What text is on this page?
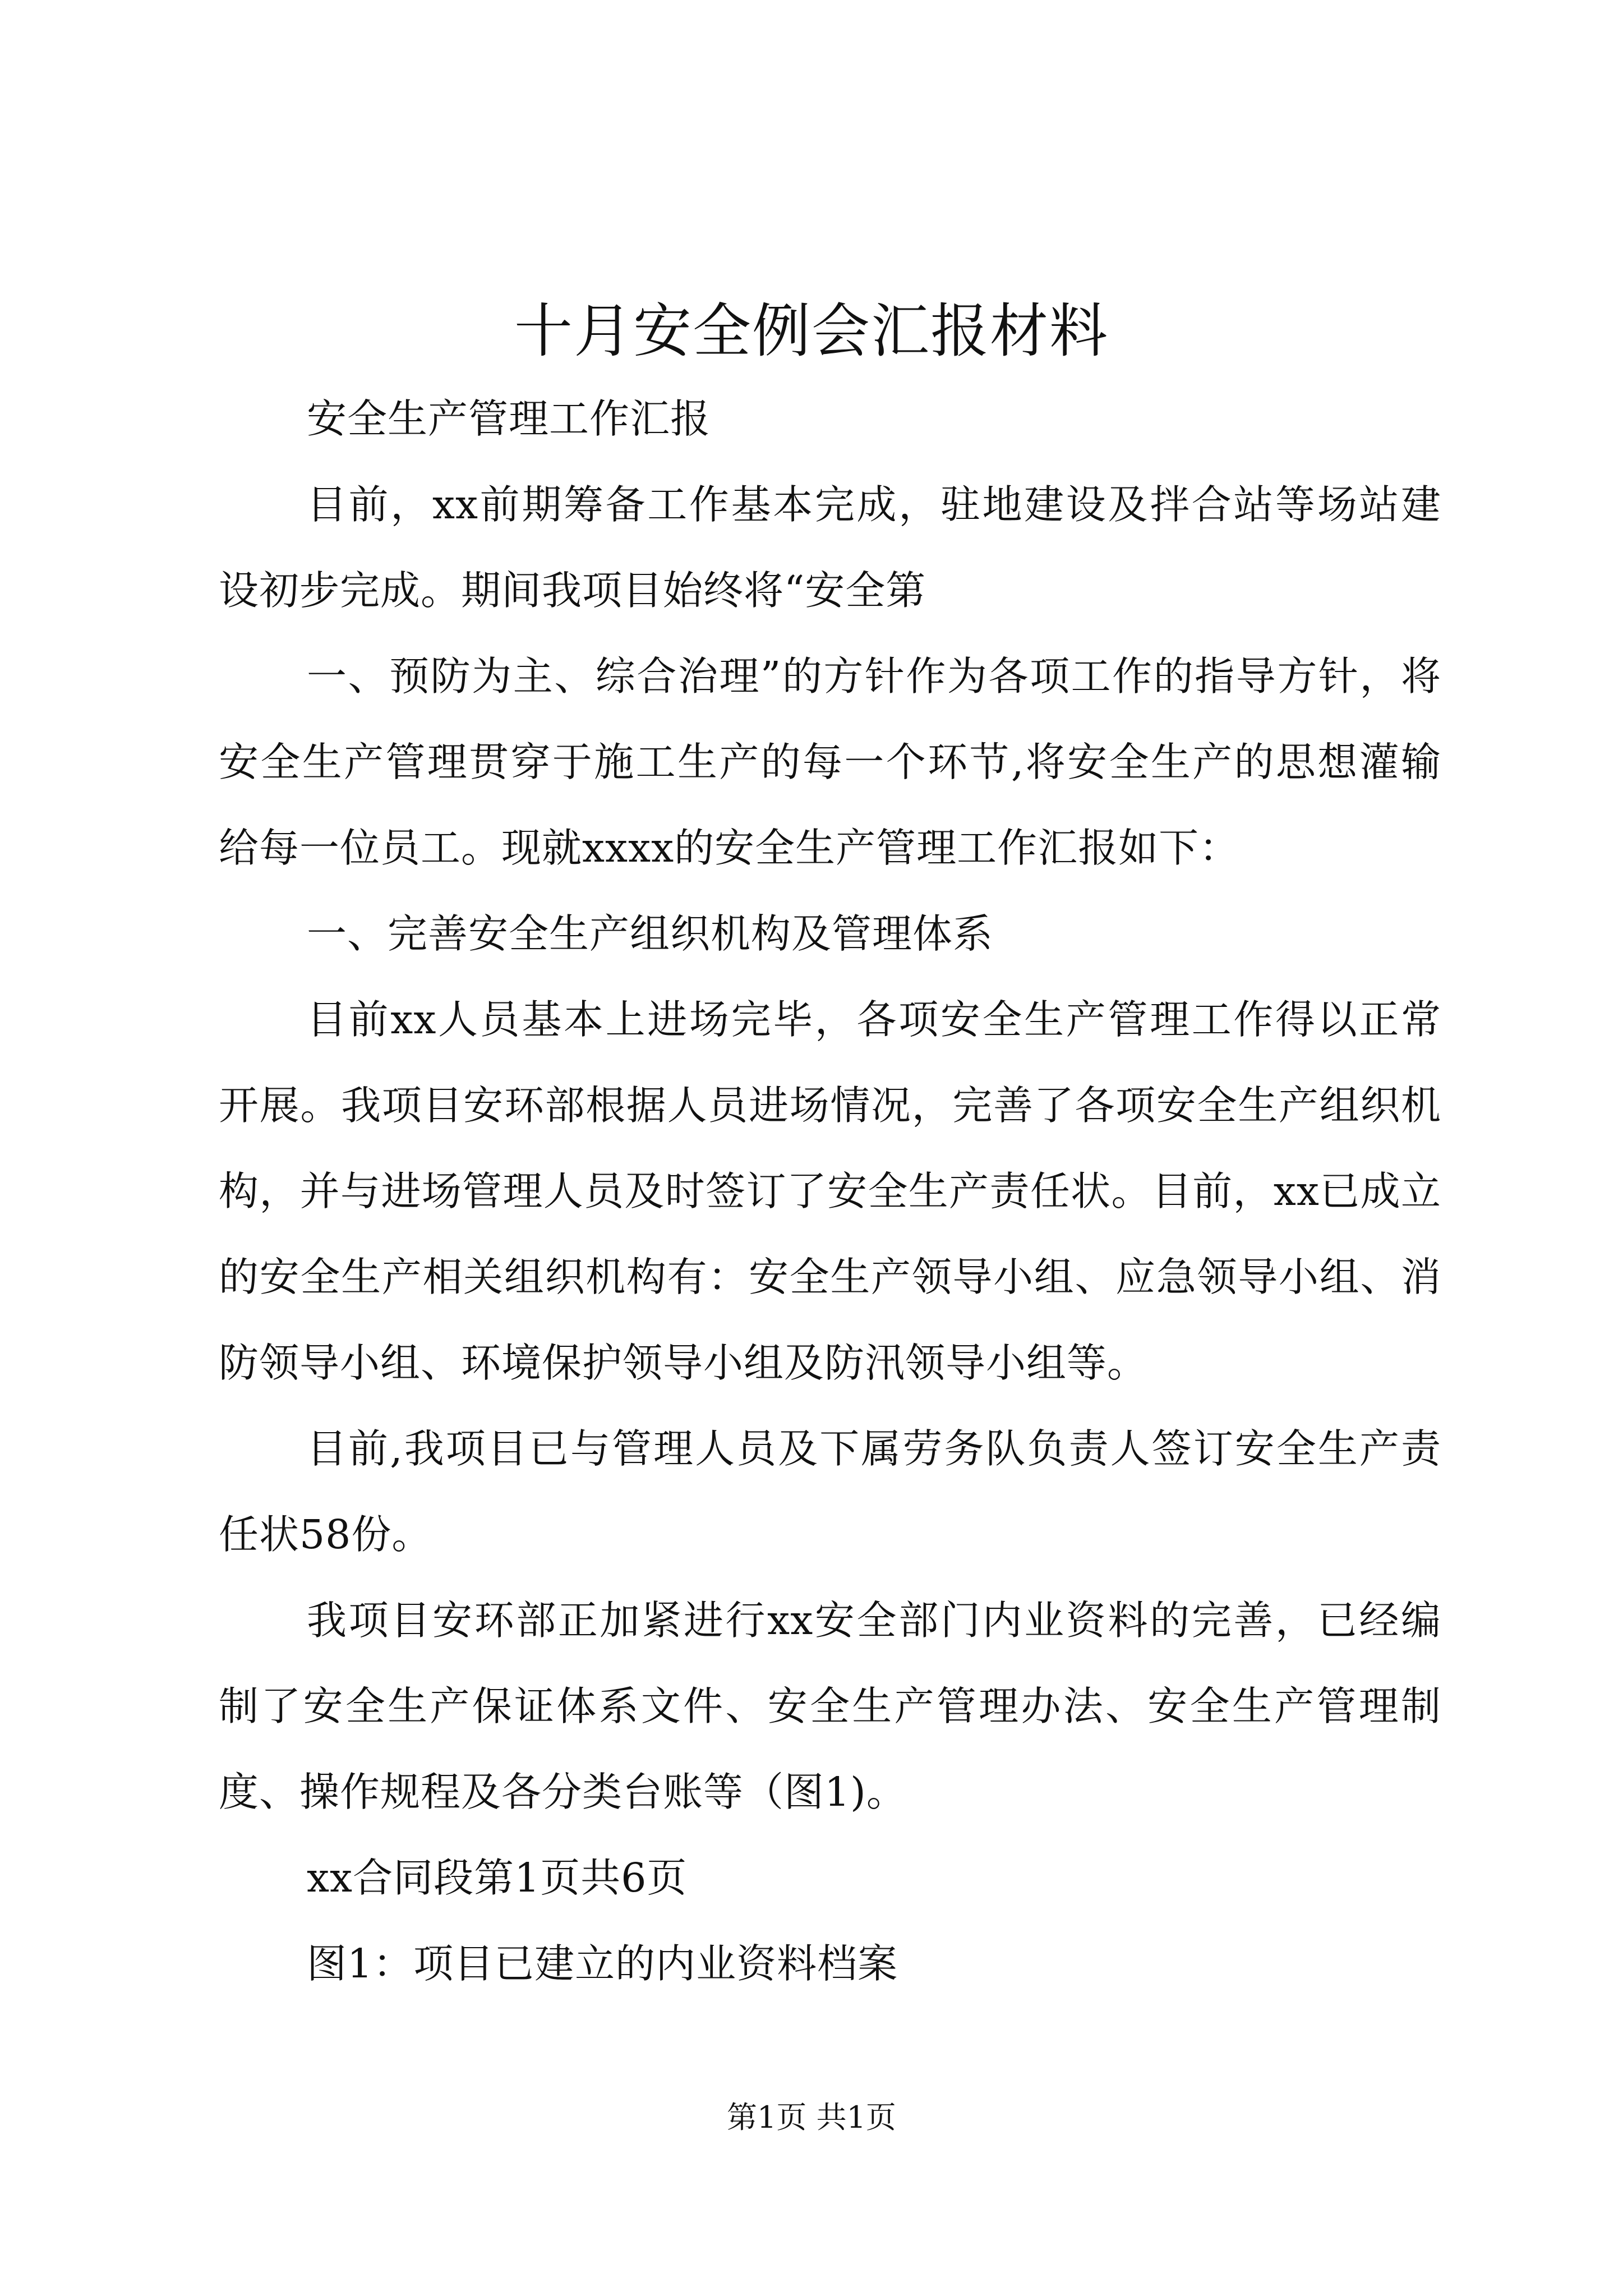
十月安全例会汇报材料

安全生产管理工作汇报

目前，xx前期筹备工作基本完成，驻地建设及拌合站等场站建设初步完成。期间我项目始终将“安全第

一、预防为主、综合治理”的方针作为各项工作的指导方针，将安全生产管理贯穿于施工生产的每一个环节,将安全生产的思想灌输给每一位员工。现就xxxx的安全生产管理工作汇报如下：

一、完善安全生产组织机构及管理体系

目前xx人员基本上进场完毕，各项安全生产管理工作得以正常开展。我项目安环部根据人员进场情况，完善了各项安全生产组织机构，并与进场管理人员及时签订了安全生产责任状。目前，xx已成立的安全生产相关组织机构有：安全生产领导小组、应急领导小组、消防领导小组、环境保护领导小组及防汛领导小组等。

目前,我项目已与管理人员及下属劳务队负责人签订安全生产责任状58份。

我项目安环部正加紧进行xx安全部门内业资料的完善，已经编制了安全生产保证体系文件、安全生产管理办法、安全生产管理制度、操作规程及各分类台账等（图1)。

xx合同段第1页共6页

图1：项目已建立的内业资料档案

第1页 共1页
